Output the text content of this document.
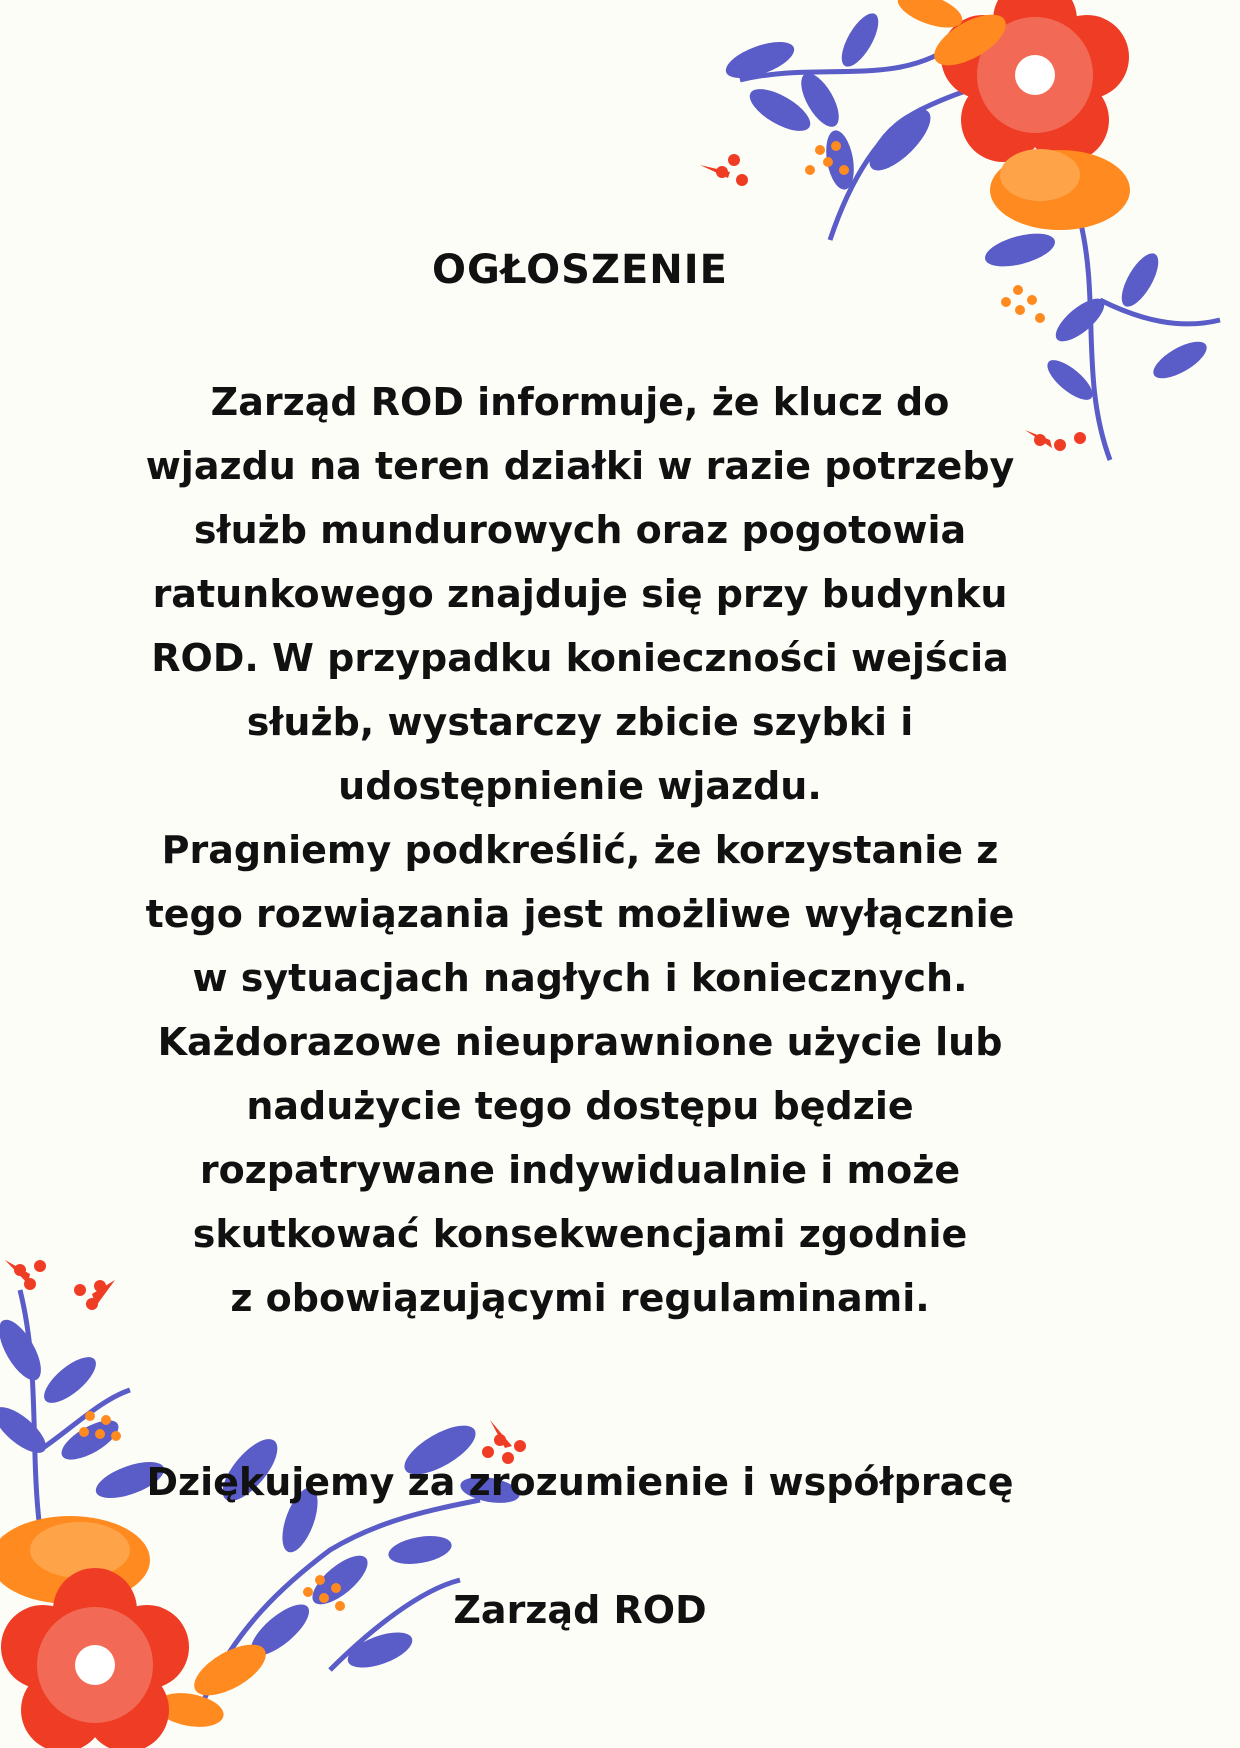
OGŁOSZENIE
Zarząd ROD informuje, że klucz do
wjazdu na teren działki w razie potrzeby
służb mundurowych oraz pogotowia
ratunkowego znajduje się przy budynku
ROD. W przypadku konieczności wejścia
służb, wystarczy zbicie szybki i
udostępnienie wjazdu.
Pragniemy podkreślić, że korzystanie z
tego rozwiązania jest możliwe wyłącznie
w sytuacjach nagłych i koniecznych.
Każdorazowe nieuprawnione użycie lub
nadużycie tego dostępu będzie
rozpatrywane indywidualnie i może
skutkować konsekwencjami zgodnie
z obowiązującymi regulaminami.

Dziękujemy za zrozumienie i współpracę

Zarząd ROD
